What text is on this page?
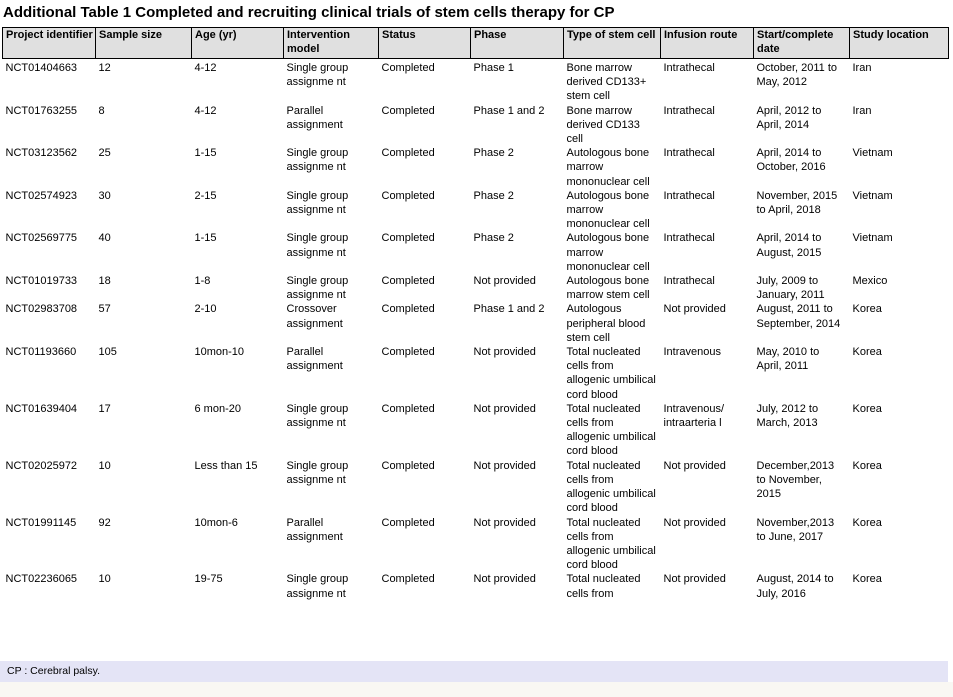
Additional Table 1 Completed and recruiting clinical trials of stem cells therapy for CP
Project identifier	Sample size	Age (yr)	Intervention model	Status	Phase	Type of stem cell	Infusion route	Start/complete date	Study location
NCT01404663	12	4-12	Single group assignme nt	Completed	Phase 1	Bone marrow derived CD133+ stem cell	Intrathecal	October, 2011 to May, 2012	Iran
NCT01763255	8	4-12	Parallel assignment	Completed	Phase 1 and 2	Bone marrow derived CD133 cell	Intrathecal	April, 2012 to April, 2014	Iran
NCT03123562	25	1-15	Single group assignme nt	Completed	Phase 2	Autologous bone marrow mononuclear cell	Intrathecal	April, 2014 to October, 2016	Vietnam
NCT02574923	30	2-15	Single group assignme nt	Completed	Phase 2	Autologous bone marrow mononuclear cell	Intrathecal	November, 2015 to April, 2018	Vietnam
NCT02569775	40	1-15	Single group assignme nt	Completed	Phase 2	Autologous bone marrow mononuclear cell	Intrathecal	April, 2014 to August, 2015	Vietnam
NCT01019733	18	1-8	Single group assignme nt	Completed	Not provided	Autologous bone marrow stem cell	Intrathecal	July, 2009 to January, 2011	Mexico
NCT02983708	57	2-10	Crossover assignment	Completed	Phase 1 and 2	Autologous peripheral blood stem cell	Not provided	August, 2011 to September, 2014	Korea
NCT01193660	105	10mon-10	Parallel assignment	Completed	Not provided	Total nucleated cells from allogenic umbilical cord blood	Intravenous	May, 2010 to April, 2011	Korea
NCT01639404	17	6 mon-20	Single group assignme nt	Completed	Not provided	Total nucleated cells from allogenic umbilical cord blood	Intravenous/ intraarteria l	July, 2012 to March, 2013	Korea
NCT02025972	10	Less than 15	Single group assignme nt	Completed	Not provided	Total nucleated cells from allogenic umbilical cord blood	Not provided	December,2013 to November, 2015	Korea
NCT01991145	92	10mon-6	Parallel assignment	Completed	Not provided	Total nucleated cells from allogenic umbilical cord blood	Not provided	November,2013 to June, 2017	Korea
NCT02236065	10	19-75	Single group assignme nt	Completed	Not provided	Total nucleated cells from	Not provided	August, 2014 to July, 2016	Korea
CP : Cerebral palsy.
